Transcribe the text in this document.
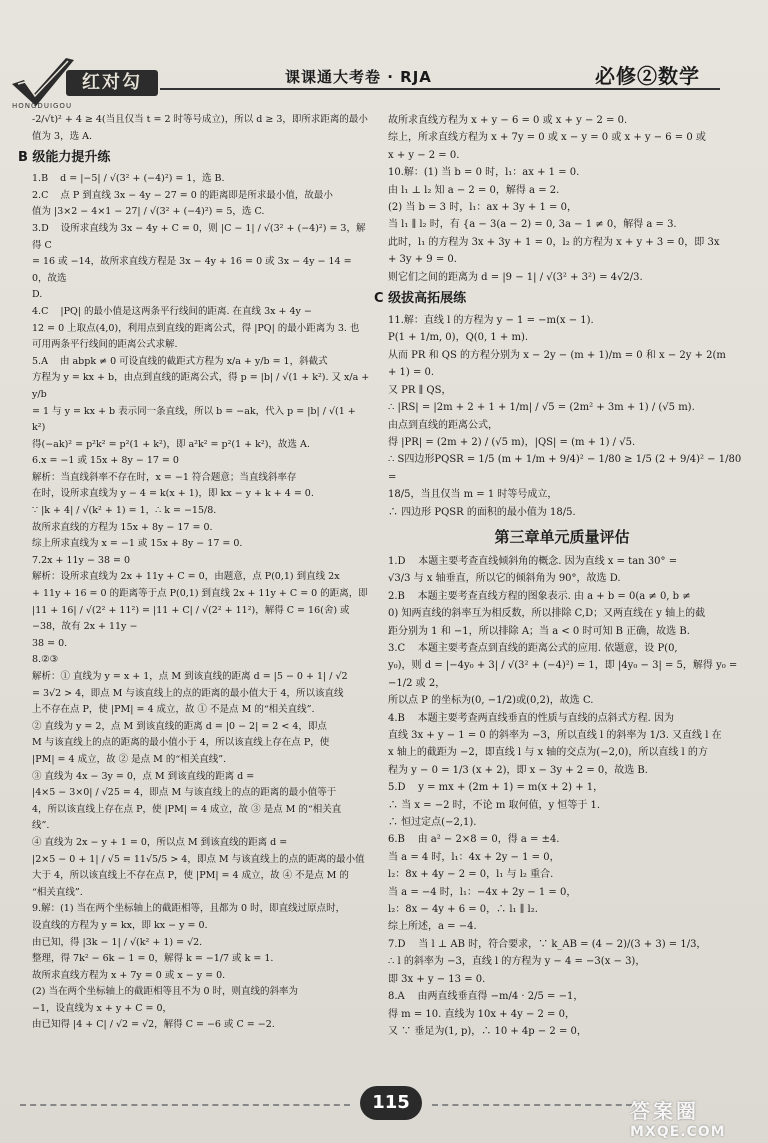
红对勾
HONGDUIGOU
课课通大考卷 · RJA	必修②数学

-2/√t)² + 4 ≥ 4(当且仅当 t = 2 时等号成立)，所以 d ≥ 3，即所求距离的最小

值为 3，选 A.

B 级能力提升练

1.B    d = |−5| / √(3² + (−4)²) = 1，选 B.

2.C    点 P 到直线 3x − 4y − 27 = 0 的距离即是所求最小值，故最小

值为 |3×2 − 4×1 − 27| / √(3² + (−4)²) = 5，选 C.

3.D    设所求直线为 3x − 4y + C = 0，则 |C − 1| / √(3² + (−4)²) = 3，解得 C

= 16 或 −14，故所求直线方程是 3x − 4y + 16 = 0 或 3x − 4y − 14 = 0，故选

D.

4.C    |PQ| 的最小值是这两条平行线间的距离. 在直线 3x + 4y −

12 = 0 上取点(4,0)，利用点到直线的距离公式，得 |PQ| 的最小距离为 3. 也

可用两条平行线间的距离公式求解.

5.A    由 abpk ≠ 0 可设直线的截距式方程为 x/a + y/b = 1，斜截式

方程为 y = kx + b，由点到直线的距离公式，得 p = |b| / √(1 + k²). 又 x/a + y/b

= 1 与 y = kx + b 表示同一条直线，所以 b = −ak，代入 p = |b| / √(1 + k²)

得(−ak)² = p²k² = p²(1 + k²)，即 a²k² = p²(1 + k²)，故选 A.

6.x = −1 或 15x + 8y − 17 = 0

解析：当直线斜率不存在时，x = −1 符合题意；当直线斜率存

在时，设所求直线为 y − 4 = k(x + 1)，即 kx − y + k + 4 = 0.

∵ |k + 4| / √(k² + 1) = 1，∴ k = −15/8.

故所求直线的方程为 15x + 8y − 17 = 0.

综上所求直线为 x = −1 或 15x + 8y − 17 = 0.

7.2x + 11y − 38 = 0

解析：设所求直线为 2x + 11y + C = 0，由题意，点 P(0,1) 到直线 2x

+ 11y + 16 = 0 的距离等于点 P(0,1) 到直线 2x + 11y + C = 0 的距离，即

|11 + 16| / √(2² + 11²) = |11 + C| / √(2² + 11²)，解得 C = 16(舍) 或 −38，故有 2x + 11y −

38 = 0.

8.②③

解析：① 直线为 y = x + 1，点 M 到该直线的距离 d = |5 − 0 + 1| / √2

= 3√2 > 4，即点 M 与该直线上的点的距离的最小值大于 4，所以该直线

上不存在点 P，使 |PM| = 4 成立，故 ① 不是点 M 的“相关直线”.

② 直线为 y = 2，点 M 到该直线的距离 d = |0 − 2| = 2 < 4，即点

M 与该直线上的点的距离的最小值小于 4，所以该直线上存在点 P，使

|PM| = 4 成立，故 ② 是点 M 的“相关直线”.

③ 直线为 4x − 3y = 0，点 M 到该直线的距离 d =

|4×5 − 3×0| / √25 = 4，即点 M 与该直线上的点的距离的最小值等于

4，所以该直线上存在点 P，使 |PM| = 4 成立，故 ③ 是点 M 的“相关直

线”.

④ 直线为 2x − y + 1 = 0，所以点 M 到该直线的距离 d =

|2×5 − 0 + 1| / √5 = 11√5/5 > 4，即点 M 与该直线上的点的距离的最小值

大于 4，所以该直线上不存在点 P，使 |PM| = 4 成立，故 ④ 不是点 M 的

“相关直线”.

9.解：(1) 当在两个坐标轴上的截距相等，且都为 0 时，即直线过原点时，

设直线的方程为 y = kx，即 kx − y = 0.

由已知，得 |3k − 1| / √(k² + 1) = √2.

整理，得 7k² − 6k − 1 = 0，解得 k = −1/7 或 k = 1.

故所求直线方程为 x + 7y = 0 或 x − y = 0.

(2) 当在两个坐标轴上的截距相等且不为 0 时，则直线的斜率为

−1，设直线为 x + y + C = 0，

由已知得 |4 + C| / √2 = √2，解得 C = −6 或 C = −2.

故所求直线方程为 x + y − 6 = 0 或 x + y − 2 = 0.

综上，所求直线方程为 x + 7y = 0 或 x − y = 0 或 x + y − 6 = 0 或

x + y − 2 = 0.

10.解：(1) 当 b = 0 时，l₁：ax + 1 = 0.

由 l₁ ⊥ l₂ 知 a − 2 = 0，解得 a = 2.

(2) 当 b = 3 时，l₁：ax + 3y + 1 = 0，

当 l₁ ∥ l₂ 时，有 {a − 3(a − 2) = 0, 3a − 1 ≠ 0，解得 a = 3.

此时，l₁ 的方程为 3x + 3y + 1 = 0，l₂ 的方程为 x + y + 3 = 0，即 3x

+ 3y + 9 = 0.

则它们之间的距离为 d = |9 − 1| / √(3² + 3²) = 4√2/3.

C 级拔高拓展练

11.解：直线 l 的方程为 y − 1 = −m(x − 1).

P(1 + 1/m, 0)，Q(0, 1 + m).

从而 PR 和 QS 的方程分别为 x − 2y − (m + 1)/m = 0 和 x − 2y + 2(m

+ 1) = 0.

又 PR ∥ QS，

∴ |RS| = |2m + 2 + 1 + 1/m| / √5 = (2m² + 3m + 1) / (√5 m).

由点到直线的距离公式，

得 |PR| = (2m + 2) / (√5 m)，|QS| = (m + 1) / √5.

∴ S四边形PQSR = 1/5 (m + 1/m + 9/4)² − 1/80 ≥ 1/5 (2 + 9/4)² − 1/80 =

18/5，当且仅当 m = 1 时等号成立，

∴ 四边形 PQSR 的面积的最小值为 18/5.

第三章单元质量评估

1.D    本题主要考查直线倾斜角的概念. 因为直线 x = tan 30° =

√3/3 与 x 轴垂直，所以它的倾斜角为 90°，故选 D.

2.B    本题主要考查直线方程的图象表示. 由 a + b = 0(a ≠ 0, b ≠

0) 知两直线的斜率互为相反数，所以排除 C,D；又两直线在 y 轴上的截

距分别为 1 和 −1，所以排除 A；当 a < 0 时可知 B 正确，故选 B.

3.C    本题主要考查点到直线的距离公式的应用. 依题意，设 P(0,

y₀)，则 d = |−4y₀ + 3| / √(3² + (−4)²) = 1，即 |4y₀ − 3| = 5，解得 y₀ = −1/2 或 2，

所以点 P 的坐标为(0, −1/2)或(0,2)，故选 C.

4.B    本题主要考查两直线垂直的性质与直线的点斜式方程. 因为

直线 3x + y − 1 = 0 的斜率为 −3，所以直线 l 的斜率为 1/3. 又直线 l 在

x 轴上的截距为 −2，即直线 l 与 x 轴的交点为(−2,0)，所以直线 l 的方

程为 y − 0 = 1/3 (x + 2)，即 x − 3y + 2 = 0，故选 B.

5.D    y = mx + (2m + 1) = m(x + 2) + 1，

∴ 当 x = −2 时，不论 m 取何值，y 恒等于 1.

∴ 恒过定点(−2,1).

6.B    由 a² − 2×8 = 0，得 a = ±4.

当 a = 4 时，l₁：4x + 2y − 1 = 0，

l₂：8x + 4y − 2 = 0，l₁ 与 l₂ 重合.

当 a = −4 时，l₁：−4x + 2y − 1 = 0，

l₂：8x − 4y + 6 = 0，∴ l₁ ∥ l₂.

综上所述，a = −4.

7.D    当 l ⊥ AB 时，符合要求，∵ k_AB = (4 − 2)/(3 + 3) = 1/3，

∴ l 的斜率为 −3，直线 l 的方程为 y − 4 = −3(x − 3)，

即 3x + y − 13 = 0.

8.A    由两直线垂直得 −m/4 · 2/5 = −1，

得 m = 10. 直线为 10x + 4y − 2 = 0，

又 ∵ 垂足为(1, p)，∴ 10 + 4p − 2 = 0，

115	答案圈
MXQE.COM
